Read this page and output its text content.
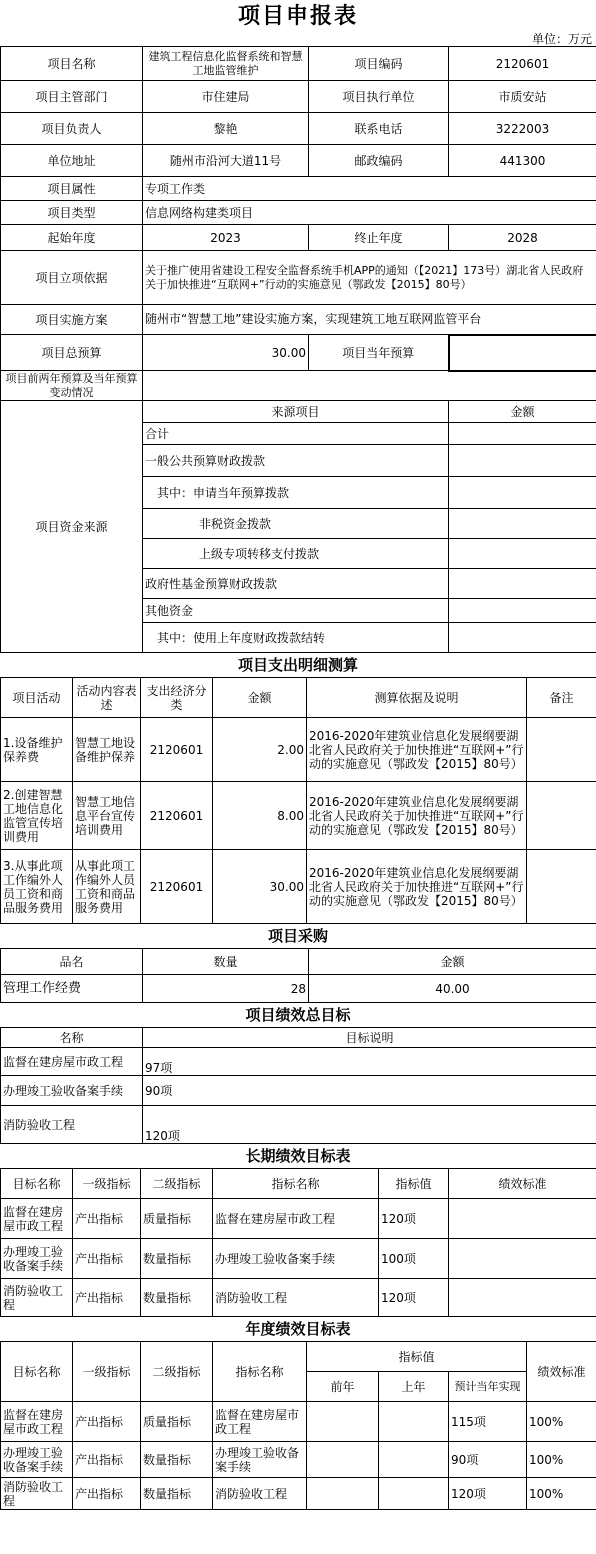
项目申报表
单位：万元
项目名称	建筑工程信息化监督系统和智慧工地监管维护	项目编码	2120601
项目主管部门	市住建局	项目执行单位	市质安站
项目负责人	黎艳	联系电话	3222003
单位地址	随州市沿河大道11号	邮政编码	441300
项目属性	专项工作类		
项目类型	信息网络构建类项目		
起始年度	2023	终止年度	2028
项目立项依据	关于推广使用省建设工程安全监督系统手机APP的通知（【2021】173号）湖北省人民政府关于加快推进“互联网+”行动的实施意见（鄂政发【2015】80号）		
项目实施方案	随州市“智慧工地”建设实施方案，实现建筑工地互联网监管平台		
项目总预算	30.00	项目当年预算	
项目前两年预算及当年预算变动情况			
项目资金来源	来源项目	金额
	合计	
	一般公共预算财政拨款	
	其中：申请当年预算拨款	
	非税资金拨款	
	上级专项转移支付拨款	
	政府性基金预算财政拨款	
	其他资金	
	其中：使用上年度财政拨款结转	
项目支出明细测算
项目活动	活动内容表述	支出经济分类	金额	测算依据及说明	备注
1.设备维护保养费	智慧工地设备维护保养	2120601	2.00	2016-2020年建筑业信息化发展纲要湖北省人民政府关于加快推进“互联网+”行动的实施意见（鄂政发【2015】80号）	
2.创建智慧工地信息化监管宣传培训费用	智慧工地信息平台宣传培训费用	2120601	8.00	2016-2020年建筑业信息化发展纲要湖北省人民政府关于加快推进“互联网+”行动的实施意见（鄂政发【2015】80号）	
3.从事此项工作编外人员工资和商品服务费用	从事此项工作编外人员工资和商品服务费用	2120601	30.00	2016-2020年建筑业信息化发展纲要湖北省人民政府关于加快推进“互联网+”行动的实施意见（鄂政发【2015】80号）	
项目采购
品名	数量	金额
管理工作经费	28	40.00
项目绩效总目标
名称	目标说明
监督在建房屋市政工程	97项
办理竣工验收备案手续	90项
消防验收工程	120项
长期绩效目标表
目标名称	一级指标	二级指标	指标名称	指标值	绩效标准
监督在建房屋市政工程	产出指标	质量指标	监督在建房屋市政工程	120项	
办理竣工验收备案手续	产出指标	数量指标	办理竣工验收备案手续	100项	
消防验收工程	产出指标	数量指标	消防验收工程	120项	
年度绩效目标表
目标名称	一级指标	二级指标	指标名称	指标值			绩效标准
				前年	上年	预计当年实现	
监督在建房屋市政工程	产出指标	质量指标	监督在建房屋市政工程			115项	100%
办理竣工验收备案手续	产出指标	数量指标	办理竣工验收备案手续			90项	100%
消防验收工程	产出指标	数量指标	消防验收工程			120项	100%
